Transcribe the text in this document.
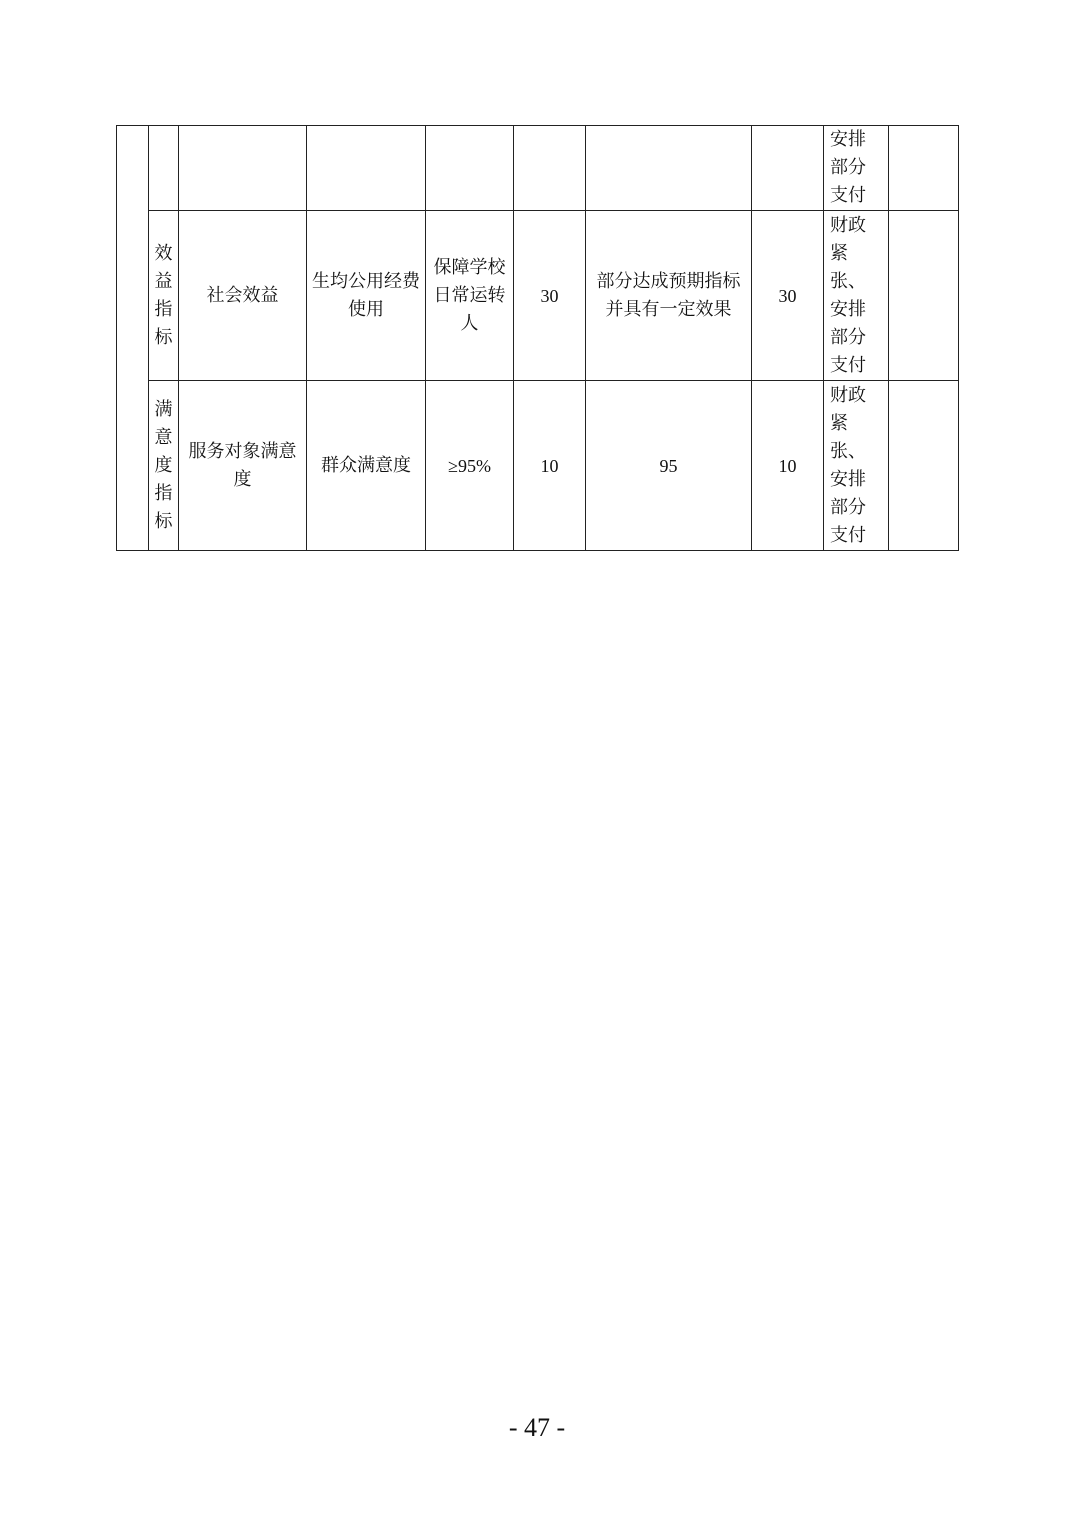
							安排部分支付	

	效益指标	社会效益	生均公用经费使用	保障学校日常运转人	30	部分达成预期指标并具有一定效果	30	财政紧张、安排部分支付	

	满意度指标	服务对象满意度	群众满意度	≥95%	10	95	10	财政紧张、安排部分支付	
- 47 -
